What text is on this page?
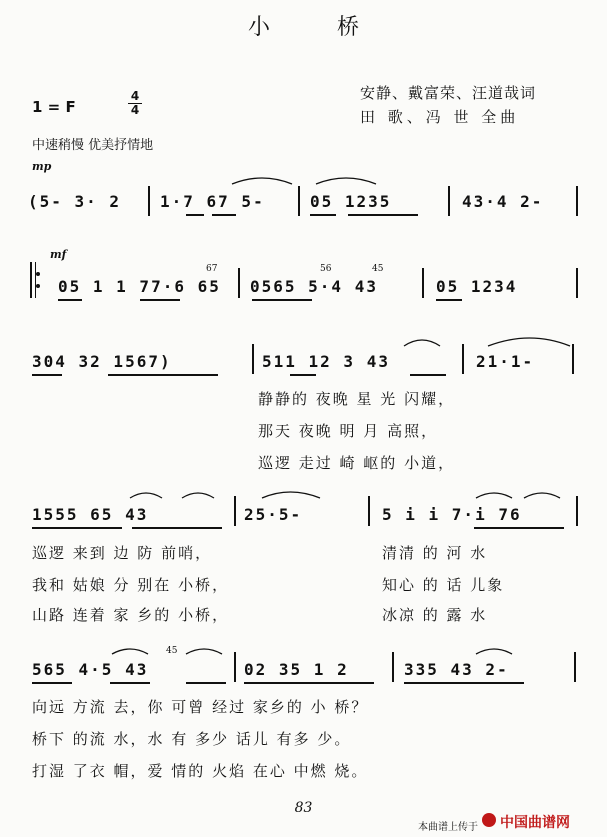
小 桥
1 = F
4
4
安静、戴富荣、汪道哉词
田 歌、冯 世 全曲
中速稍慢 优美抒情地
mp
(5- 3· 2 1·7 67 5-	05 1235	43·4 2-
mf
05 1 1 77·6 65
67
0565 5·4 43
56	45
05 1234
304 32 1567)	511 12 3 43	21·1-
静静的 夜晚 星 光 闪耀，
那天 夜晚 明 月 高照，
巡逻 走过 崎 岖的 小道，
1555 65 43	25·5-	5 i i 7·i 76
巡逻 来到 边 防 前哨，	清清 的 河 水
我和 姑娘 分 别在 小桥，	知心 的 话 儿象
山路 连着 家 乡的 小桥，	冰凉 的 露 水
565 4·5 43
45
02 35 1 2	335 43 2-
向远 方流 去，你 可曾 经过 家乡的 小 桥？
桥下 的流 水，水 有 多少 话儿 有多 少。
打湿 了衣 帽，爱 情的 火焰 在心 中燃 烧。
83
本曲谱上传于 中国曲谱网
